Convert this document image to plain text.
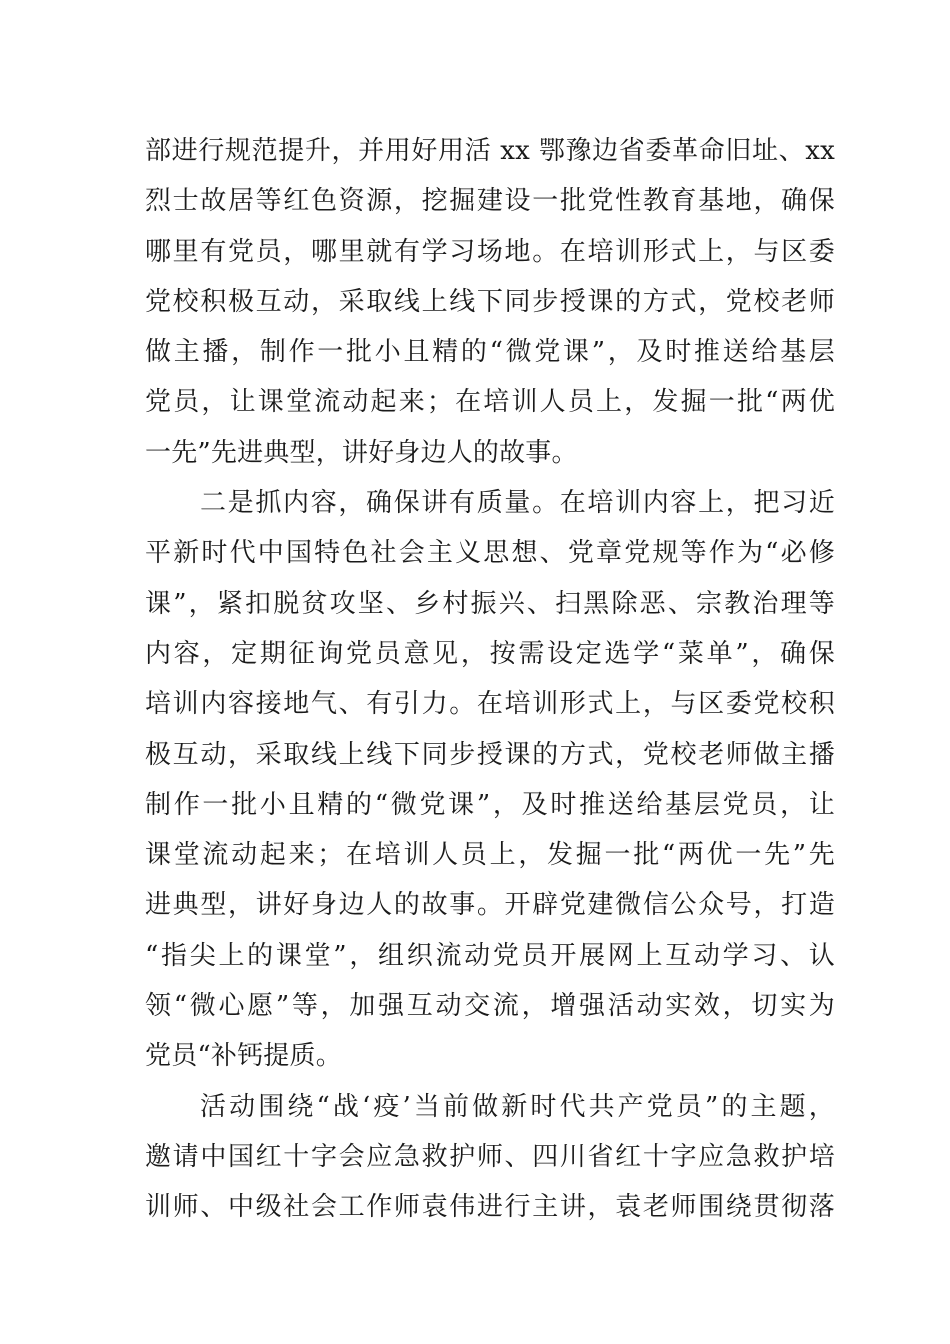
部进行规范提升，并用好用活 xx 鄂豫边省委革命旧址、xx
烈士故居等红色资源，挖掘建设一批党性教育基地，确保
哪里有党员，哪里就有学习场地。在培训形式上，与区委
党校积极互动，采取线上线下同步授课的方式，党校老师
做主播，制作一批小且精的“微党课”，及时推送给基层
党员，让课堂流动起来；在培训人员上，发掘一批“两优
一先”先进典型，讲好身边人的故事。
二是抓内容，确保讲有质量。在培训内容上，把习近
平新时代中国特色社会主义思想、党章党规等作为“必修
课”，紧扣脱贫攻坚、乡村振兴、扫黑除恶、宗教治理等
内容，定期征询党员意见，按需设定选学“菜单”，确保
培训内容接地气、有引力。在培训形式上，与区委党校积
极互动，采取线上线下同步授课的方式，党校老师做主播
制作一批小且精的“微党课”，及时推送给基层党员，让
课堂流动起来；在培训人员上，发掘一批“两优一先”先
进典型，讲好身边人的故事。开辟党建微信公众号，打造
“指尖上的课堂”，组织流动党员开展网上互动学习、认
领“微心愿”等，加强互动交流，增强活动实效，切实为
党员“补钙提质。
活动围绕“战‘疫’当前做新时代共产党员”的主题，
邀请中国红十字会应急救护师、四川省红十字应急救护培
训师、中级社会工作师袁伟进行主讲，袁老师围绕贯彻落
